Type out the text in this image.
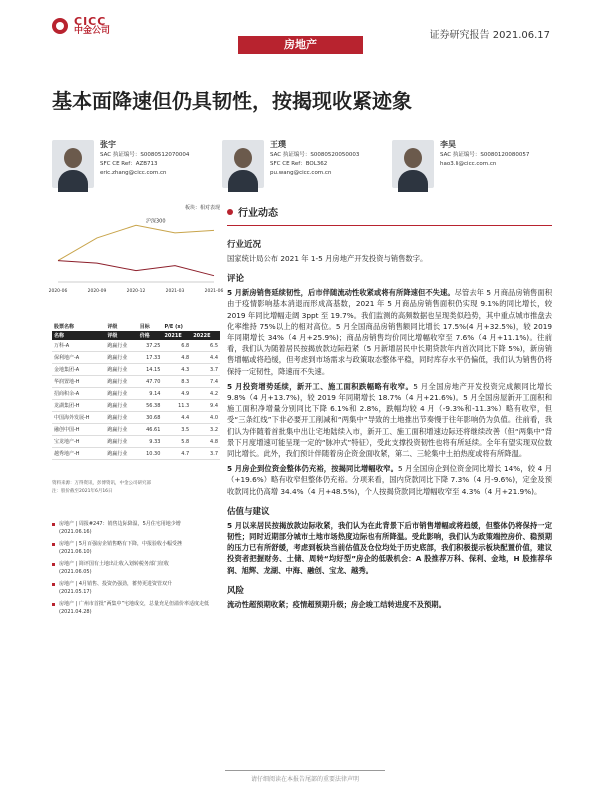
CICC
中金公司	证券研究报告 2021.06.17
房地产
基本面降速但仍具韧性，按揭现收紧迹象
张宇
SAC 执证编号：S0080512070004
SFC CE Ref：AZB713
eric.zhang@cicc.com.cn
王璞
SAC 执证编号：S0080520050003
SFC CE Ref：BOL362
pu.wang@cicc.com.cn
李昊
SAC 执证编号：S0080120080057
hao3.li@cicc.com.cn
板块：相对表现
沪深300
2020-06	2020-09	2020-12	2021-03	2021-06
股票名称	评级	目标	P/E (x)	
名称	评级	价格	2021E	2022E
万科-A	跑赢行业	37.25	6.8	6.5
保利地产-A	跑赢行业	17.33	4.8	4.4
金地集团-A	跑赢行业	14.15	4.3	3.7
华润置地-H	跑赢行业	47.70	8.3	7.4
招商积余-A	跑赢行业	9.14	4.9	4.2
龙湖集团-H	跑赢行业	56.38	11.3	9.4
中国海外发展-H	跑赢行业	30.68	4.4	4.0
融创中国-H	跑赢行业	46.61	3.5	3.2
宝龙地产-H	跑赢行业	9.33	5.8	4.8
越秀地产-H	跑赢行业	10.30	4.7	3.7
资料来源：万得资讯，彭博资讯，中金公司研究部
注：股价截至2021年6月16日
房地产 | 周报#247：销售边际降温，5月住宅用地少增
(2021.06.16)
房地产 | 5月百强房企销售略有下降，中报验收小幅受挫
(2021.06.10)
房地产 | 简评国有土地出让收入划转税务部门征收
(2021.06.05)
房地产 | 4月销售、投资仍强劲，蓄势更进资管双升
(2021.05.17)
房地产 | 广州市首批“两集中”宅地成交，总量充足但溢价率适度走低
(2021.04.28)
行业动态
行业近况
国家统计局公布 2021 年 1-5 月房地产开发投资与销售数字。
评论
5 月新房销售延续韧性，后市伴随流动性收紧或将有所降速但不失速。尽管去年 5 月商品房销售面积由于疫情影响基本消退而形成高基数，2021 年 5 月商品房销售面积仍实现 9.1%的同比增长，较 2019 年同比增幅走阔 3ppt 至 19.7%。我们监测的高频数据也呈现类似趋势，其中重点城市推盘去化率维持 75%以上的相对高位。5 月全国商品房销售额同比增长 17.5%(4 月+32.5%)，较 2019 年同期增长 34%（4 月+25.9%)；商品房销售均价同比增幅收窄至 7.6%（4 月+11.1%)。往前看，我们认为随着居民按揭放款边际趋紧（5 月新增居民中长期贷款年内首次同比下降 5%)，新房销售增幅或将趋缓，但考虑到市场需求与政策取态整体平稳，同时库存水平仍偏低，我们认为销售仍将保持一定韧性，降速而不失速。
5 月投资增势延续，新开工、施工面积跌幅略有收窄。5 月全国房地产开发投资完成额同比增长 9.8%（4 月+13.7%)，较 2019 年同期增长 18.7%（4 月+21.6%)。5 月全国房屋新开工面积和施工面积净增量分别同比下降 6.1%和 2.8%，跌幅均较 4 月（-9.3%和-11.3%）略有收窄，但受“三条红线”下非必要开工削减和“两集中”导致的土地推出节奏慢于往年影响仍为负值。往前看，我们认为伴随着首批集中出让宅地陆续入市，新开工、施工面积增速边际还将继续改善（但“两集中”背景下月度增速可能呈现一定的“脉冲式”特征），受此支撑投资韧性也将有所延续。全年有望实现双位数同比增长。此外，我们预计伴随着房企资金面收紧，第二、三轮集中土拍热度或将有所降温。
5 月房企到位资金整体仍充裕，按揭同比增幅收窄。5 月全国房企到位资金同比增长 14%，较 4 月（+19.6%）略有收窄但整体仍充裕。分项来看，国内贷款同比下降 7.3%（4 月-9.6%)，定金及预收款同比仍高增 34.4%（4 月+48.5%)，个人按揭贷款同比增幅收窄至 4.3%（4 月+21.9%)。
估值与建议
5 月以来居民按揭放款边际收紧，我们认为在此背景下后市销售增幅或将趋缓，但整体仍将保持一定韧性；同时近期部分城市土地市场热度边际也有所降温。受此影响，我们认为政策端控房价、稳预期的压力已有所舒缓，考虑到板块当前估值及仓位均处于历史底部，我们积极提示板块配置价值，建议投资者把握财务、土储、周转“均好型”房企的低吸机会：A 股推荐万科、保利、金地，H 股推荐华润、旭辉、龙湖、中海、融创、宝龙、越秀。
风险
流动性超预期收紧；疫情超预期升级；房企竣工结转进度不及预期。
请仔细阅读在本报告尾部的重要法律声明
